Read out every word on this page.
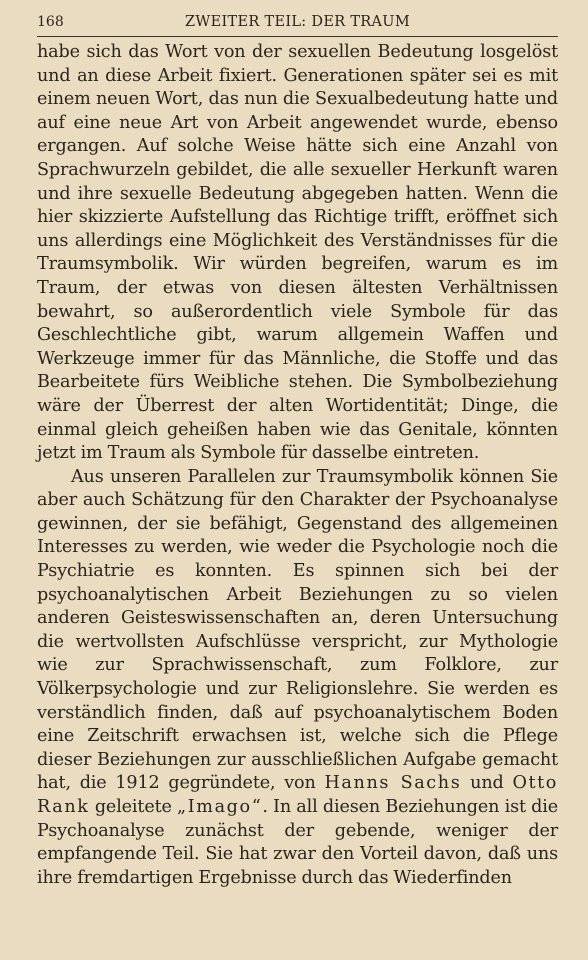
168	ZWEITER TEIL: DER TRAUM

habe sich das Wort von der sexuellen Bedeutung losgelöst und an diese Arbeit fixiert. Generationen später sei es mit einem neuen Wort, das nun die Sexualbedeutung hatte und auf eine neue Art von Arbeit angewendet wurde, ebenso ergangen. Auf solche Weise hätte sich eine Anzahl von Sprachwurzeln gebildet, die alle sexueller Herkunft waren und ihre sexuelle Bedeutung abgegeben hatten. Wenn die hier skizzierte Aufstellung das Richtige trifft, eröffnet sich uns allerdings eine Möglichkeit des Verständnisses für die Traumsymbolik. Wir würden begreifen, warum es im Traum, der etwas von diesen ältesten Verhältnissen bewahrt, so außerordentlich viele Symbole für das Geschlechtliche gibt, warum allgemein Waffen und Werkzeuge immer für das Männliche, die Stoffe und das Bearbeitete fürs Weibliche stehen. Die Symbolbeziehung wäre der Überrest der alten Wortidentität; Dinge, die einmal gleich geheißen haben wie das Genitale, könnten jetzt im Traum als Symbole für dasselbe eintreten.

Aus unseren Parallelen zur Traumsymbolik können Sie aber auch Schätzung für den Charakter der Psychoanalyse gewinnen, der sie befähigt, Gegenstand des allgemeinen Interesses zu werden, wie weder die Psychologie noch die Psychiatrie es konnten. Es spinnen sich bei der psychoanalytischen Arbeit Beziehungen zu so vielen anderen Geisteswissenschaften an, deren Untersuchung die wertvollsten Aufschlüsse verspricht, zur Mythologie wie zur Sprachwissenschaft, zum Folklore, zur Völkerpsychologie und zur Religionslehre. Sie werden es verständlich finden, daß auf psychoanalytischem Boden eine Zeitschrift erwachsen ist, welche sich die Pflege dieser Beziehungen zur ausschließlichen Aufgabe gemacht hat, die 1912 gegründete, von Hanns Sachs und Otto Rank geleitete „Imago“. In all diesen Beziehungen ist die Psychoanalyse zunächst der gebende, weniger der empfangende Teil. Sie hat zwar den Vorteil davon, daß uns ihre fremdartigen Ergebnisse durch das Wiederfinden
